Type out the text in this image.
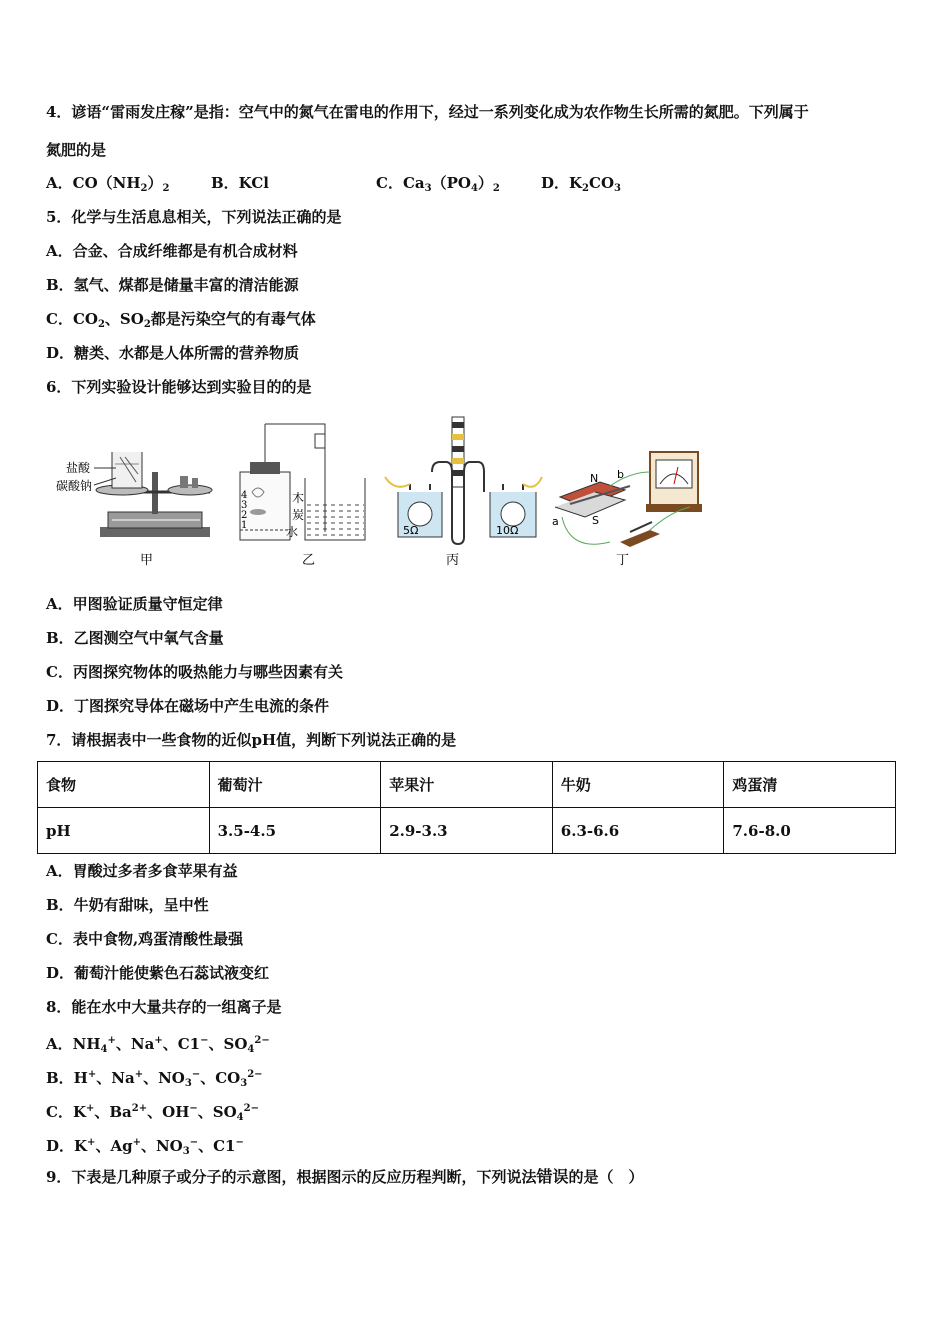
4．谚语“雷雨发庄稼”是指：空气中的氮气在雷电的作用下，经过一系列变化成为农作物生长所需的氮肥。下列属于
氮肥的是
A．$CO(NH_2)_2$	B．KCl	C．$Ca_3(PO_4)_2$	D．$K_2CO_3$
5．化学与生活息息相关，下列说法正确的是
A．合金、合成纤维都是有机合成材料
B．氢气、煤都是储量丰富的清洁能源
C．$CO_2$、$SO_2$都是污染空气的有毒气体
D．糖类、水都是人体所需的营养物质
6．下列实验设计能够达到实验目的的是
盐酸
碳酸钠
甲
4
3
2
1
木
炭
水
乙
5Ω	10Ω
丙
N
S
a
b
丁
A．甲图验证质量守恒定律
B．乙图测空气中氧气含量
C．丙图探究物体的吸热能力与哪些因素有关
D．丁图探究导体在磁场中产生电流的条件
7．请根据表中一些食物的近似pH值，判断下列说法正确的是
食物	葡萄汁	苹果汁	牛奶	鸡蛋清
pH	3.5-4.5	2.9-3.3	6.3-6.6	7.6-8.0
A．胃酸过多者多食苹果有益
B．牛奶有甜味，呈中性
C．表中食物,鸡蛋清酸性最强
D．葡萄汁能使紫色石蕊试液变红
8．能在水中大量共存的一组离子是
A．$NH_4^+$、Na+、C1−、$SO_4^{2-}$
B．H+、Na+、$NO_3^-$、$CO_3^{2-}$
C．K+、$Ba^{2+}$、OH−、$SO_4^{2-}$
D．K+、Ag+、$NO_3^-$、C1−
9．下表是几种原子或分子的示意图，根据图示的反应历程判断，下列说法错误的是（　）
